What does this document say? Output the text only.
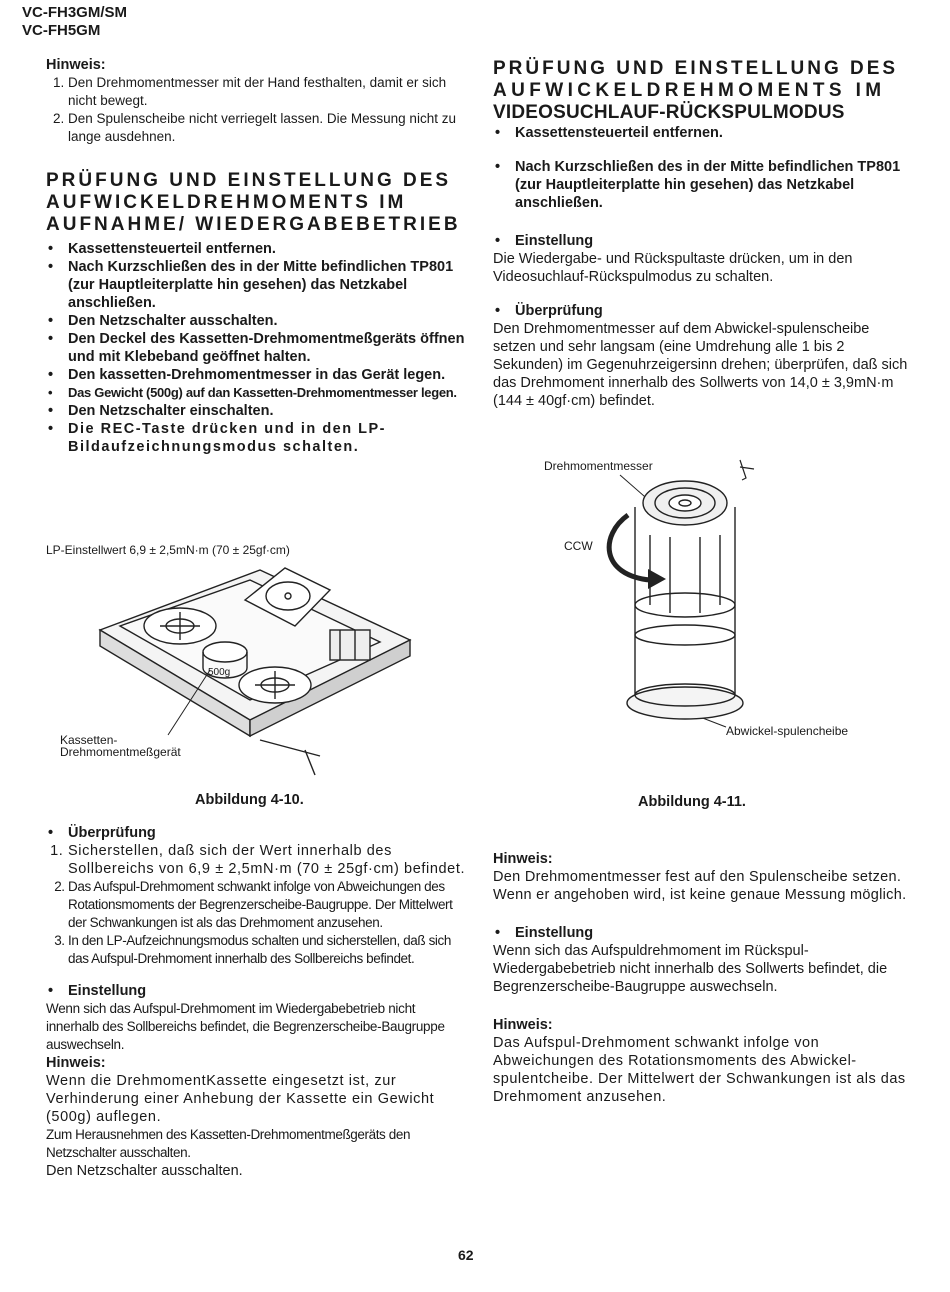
VC-FH3GM/SM
VC-FH5GM
Hinweis:
1. Den Drehmomentmesser mit der Hand festhalten, damit er sich nicht bewegt.
2. Den Spulenscheibe nicht verriegelt lassen. Die Messung nicht zu lange ausdehnen.
PRÜFUNG UND EINSTELLUNG DES AUFWICKELDREHMOMENTS IM AUFNAHME/ WIEDERGABEBETRIEB
• Kassettensteuerteil entfernen.
• Nach Kurzschließen des in der Mitte befindlichen TP801 (zur Hauptleiterplatte hin gesehen) das Netzkabel anschließen.
• Den Netzschalter ausschalten.
• Den Deckel des Kassetten-Drehmomentmeßgeräts öffnen und mit Klebeband geöffnet halten.
• Den kassetten-Drehmomentmesser in das Gerät legen.
• Das Gewicht (500g) auf dan Kassetten-Drehmomentmesser legen.
• Den Netzschalter einschalten.
• Die REC-Taste drücken und in den LP-Bildaufzeichnungsmodus schalten.
LP-Einstellwert 6,9 ± 2,5mN·m (70 ± 25gf·cm)
500g
Kassetten-
Drehmomentmeßgerät
Abbildung 4-10.
• Überprüfung
1. Sicherstellen, daß sich der Wert innerhalb des Sollbereichs von 6,9 ± 2,5mN·m (70 ± 25gf·cm) befindet.
2. Das Aufspul-Drehmoment schwankt infolge von Abweichungen des Rotationsmoments der Begrenzerscheibe-Baugruppe. Der Mittelwert der Schwankungen ist als das Drehmoment anzusehen.
3. In den LP-Aufzeichnungsmodus schalten und sicherstellen, daß sich das Aufspul-Drehmoment innerhalb des Sollbereichs befindet.
• Einstellung

Wenn sich das Aufspul-Drehmoment im Wiedergabebetrieb nicht innerhalb des Sollbereichs befindet, die Begrenzerscheibe-Baugruppe auswechseln.

Hinweis:

Wenn die DrehmomentKassette eingesetzt ist, zur Verhinderung einer Anhebung der Kassette ein Gewicht (500g) auflegen.

Zum Herausnehmen des Kassetten-Drehmomentmeßgeräts den Netzschalter ausschalten.

Den Netzschalter ausschalten.

PRÜFUNG UND EINSTELLUNG DES
AUFWICKELDREHMOMENTS IM
VIDEOSUCHLAUF-RÜCKSPULMODUS
• Kassettensteuerteil entfernen.
• Nach Kurzschließen des in der Mitte befindlichen TP801 (zur Hauptleiterplatte hin gesehen) das Netzkabel anschließen.
• Einstellung

Die Wiedergabe- und Rückspultaste drücken, um in den Videosuchlauf-Rückspulmodus zu schalten.

• Überprüfung

Den Drehmomentmesser auf dem Abwickel-spulenscheibe setzen und sehr langsam (eine Umdrehung alle 1 bis 2 Sekunden) im Gegenuhrzeigersinn drehen; überprüfen, daß sich das Drehmoment innerhalb des Sollwerts von 14,0 ± 3,9mN·m (144 ± 40gf·cm) befindet.

Drehmomentmesser
CCW
Abwickel-spulencheibe
Abbildung 4-11.
Hinweis:

Den Drehmomentmesser fest auf den Spulenscheibe setzen. Wenn er angehoben wird, ist keine genaue Messung möglich.

• Einstellung

Wenn sich das Aufspuldrehmoment im Rückspul-Wiedergabebetrieb nicht innerhalb des Sollwerts befindet, die Begrenzerscheibe-Baugruppe auswechseln.

Hinweis:

Das Aufspul-Drehmoment schwankt infolge von Abweichungen des Rotationsmoments des Abwickel-spulentcheibe. Der Mittelwert der Schwankungen ist als das Drehmoment anzusehen.

62
